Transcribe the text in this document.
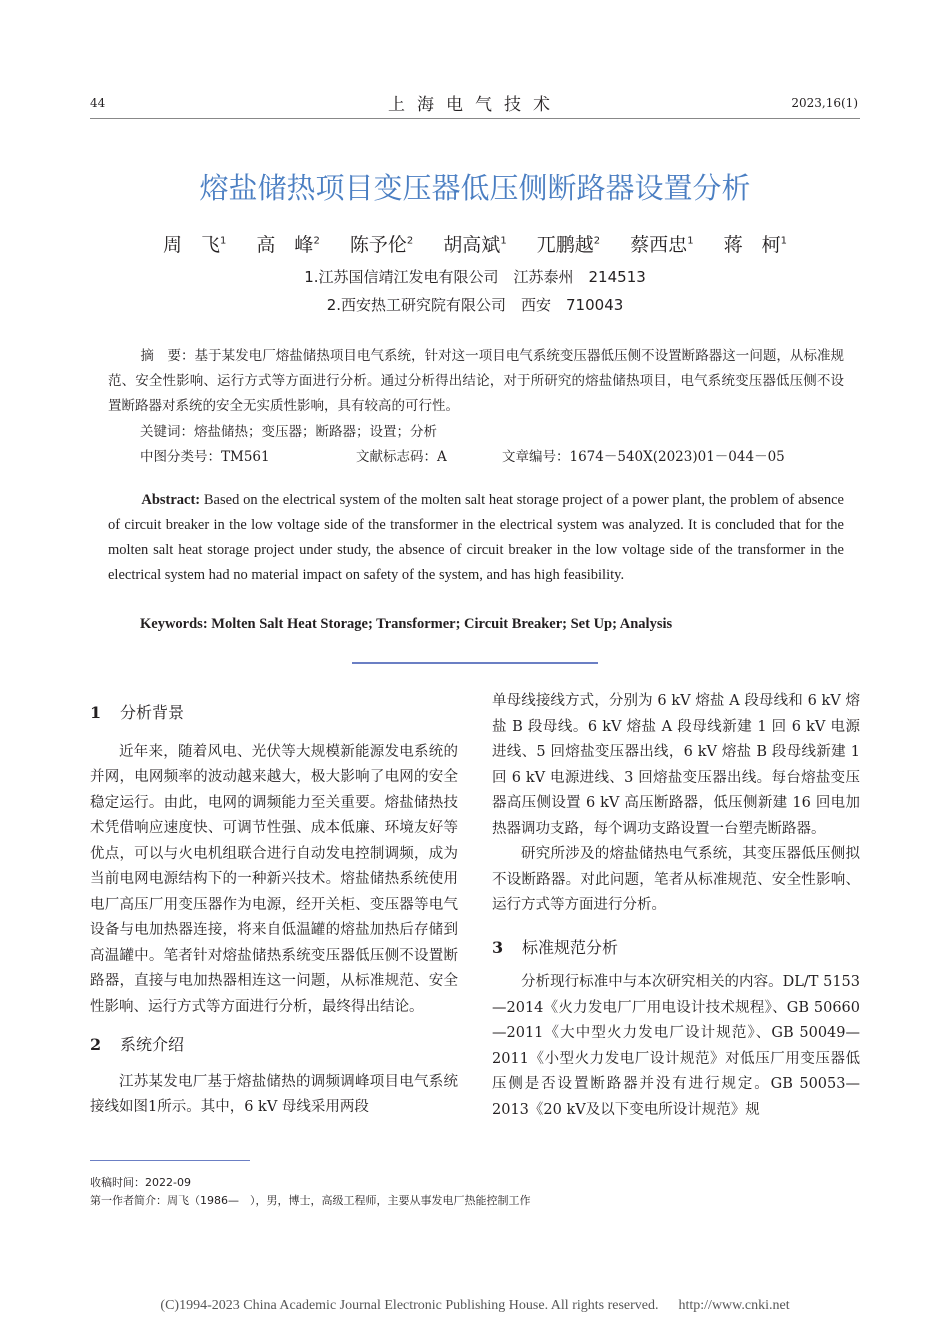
44	上海电气技术	2023,16(1)
熔盐储热项目变压器低压侧断路器设置分析
周　飞$^1$ 高　峰$^2$ 陈予伦$^2$ 胡高斌$^1$ 兀鹏越$^2$ 蔡西忠$^1$ 蒋　柯$^1$
1.江苏国信靖江发电有限公司　江苏泰州　214513
2.西安热工研究院有限公司　西安　710043
摘　要：基于某发电厂熔盐储热项目电气系统，针对这一项目电气系统变压器低压侧不设置断路器这一问题，从标准规范、安全性影响、运行方式等方面进行分析。通过分析得出结论，对于所研究的熔盐储热项目，电气系统变压器低压侧不设置断路器对系统的安全无实质性影响，具有较高的可行性。
关键词：熔盐储热；变压器；断路器；设置；分析
中图分类号：TM561	文献标志码：A	文章编号：1674－540X(2023)01－044－05
Abstract: Based on the electrical system of the molten salt heat storage project of a power plant, the problem of absence of circuit breaker in the low voltage side of the transformer in the electrical system was analyzed. It is concluded that for the molten salt heat storage project under study, the absence of circuit breaker in the low voltage side of the transformer in the electrical system had no material impact on safety of the system, and has high feasibility.
Keywords: Molten Salt Heat Storage; Transformer; Circuit Breaker; Set Up; Analysis
1 分析背景

近年来，随着风电、光伏等大规模新能源发电系统的并网，电网频率的波动越来越大，极大影响了电网的安全稳定运行。由此，电网的调频能力至关重要。熔盐储热技术凭借响应速度快、可调节性强、成本低廉、环境友好等优点，可以与火电机组联合进行自动发电控制调频，成为当前电网电源结构下的一种新兴技术。熔盐储热系统使用电厂高压厂用变压器作为电源，经开关柜、变压器等电气设备与电加热器连接，将来自低温罐的熔盐加热后存储到高温罐中。笔者针对熔盐储热系统变压器低压侧不设置断路器，直接与电加热器相连这一问题，从标准规范、安全性影响、运行方式等方面进行分析，最终得出结论。

2 系统介绍

江苏某发电厂基于熔盐储热的调频调峰项目电气系统接线如图1所示。其中，6 kV 母线采用两段

单母线接线方式，分别为 6 kV 熔盐 A 段母线和 6 kV 熔盐 B 段母线。6 kV 熔盐 A 段母线新建 1 回 6 kV 电源进线、5 回熔盐变压器出线，6 kV 熔盐 B 段母线新建 1 回 6 kV 电源进线、3 回熔盐变压器出线。每台熔盐变压器高压侧设置 6 kV 高压断路器，低压侧新建 16 回电加热器调功支路，每个调功支路设置一台塑壳断路器。

研究所涉及的熔盐储热电气系统，其变压器低压侧拟不设断路器。对此问题，笔者从标准规范、安全性影响、运行方式等方面进行分析。

3 标准规范分析

分析现行标准中与本次研究相关的内容。DL/T 5153—2014《火力发电厂厂用电设计技术规程》、GB 50660—2011《大中型火力发电厂设计规范》、GB 50049—2011《小型火力发电厂设计规范》对低压厂用变压器低压侧是否设置断路器并没有进行规定。GB 50053—2013《20 kV及以下变电所设计规范》规

收稿时间：2022-09
第一作者简介：周飞（1986—　），男，博士，高级工程师，主要从事发电厂热能控制工作
(C)1994-2023 China Academic Journal Electronic Publishing House. All rights reserved. http://www.cnki.net
